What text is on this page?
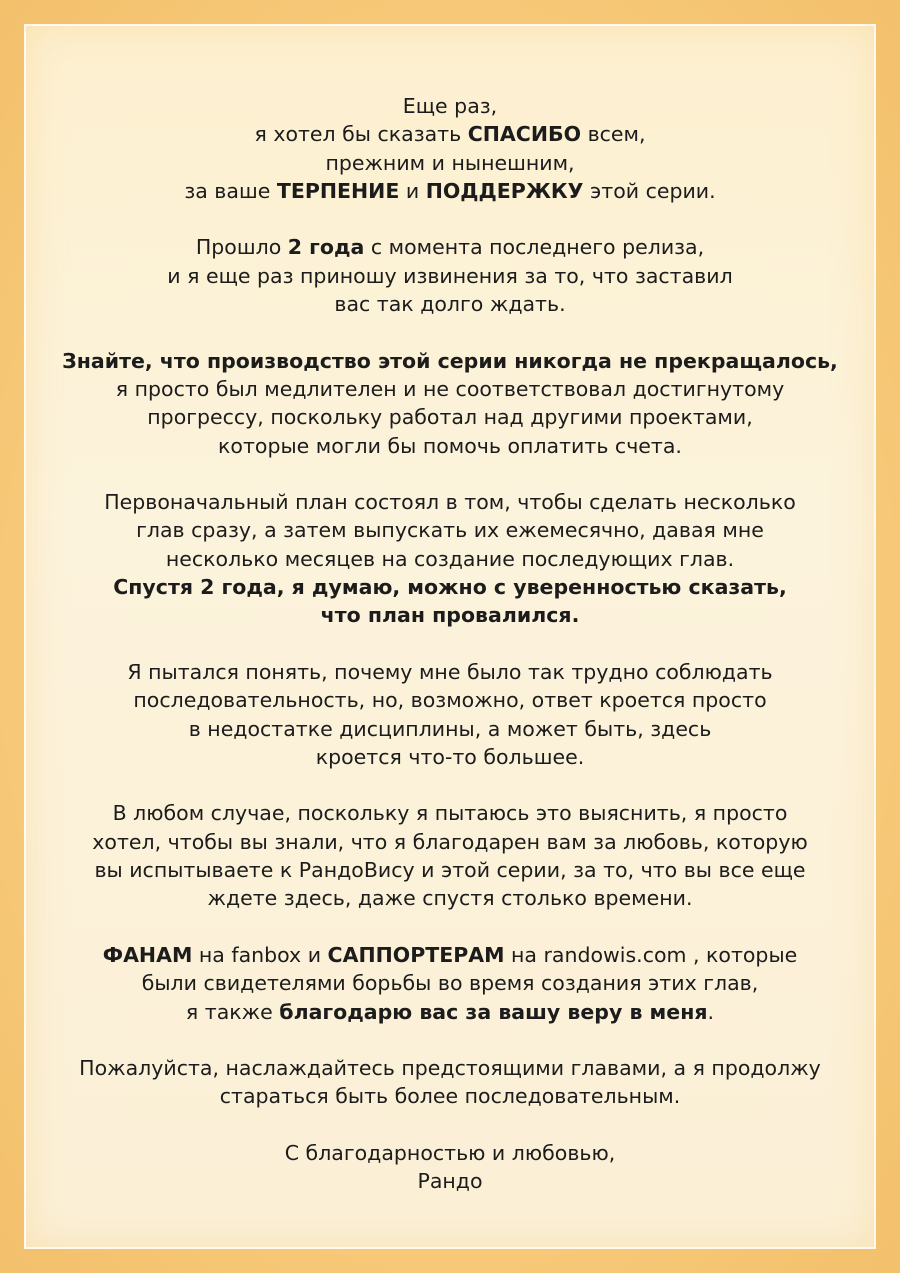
Еще раз,
я хотел бы сказать СПАСИБО всем,
прежним и нынешним,
за ваше ТЕРПЕНИЕ и ПОДДЕРЖКУ этой серии.
Прошло 2 года с момента последнего релиза,
и я еще раз приношу извинения за то, что заставил
вас так долго ждать.
Знайте, что производство этой серии никогда не прекращалось,
я просто был медлителен и не соответствовал достигнутому
прогрессу, поскольку работал над другими проектами,
которые могли бы помочь оплатить счета.
Первоначальный план состоял в том, чтобы сделать несколько
глав сразу, а затем выпускать их ежемесячно, давая мне
несколько месяцев на создание последующих глав.
Спустя 2 года, я думаю, можно с уверенностью сказать,
что план провалился.
Я пытался понять, почему мне было так трудно соблюдать
последовательность, но, возможно, ответ кроется просто
в недостатке дисциплины, а может быть, здесь
кроется что-то большее.
В любом случае, поскольку я пытаюсь это выяснить, я просто
хотел, чтобы вы знали, что я благодарен вам за любовь, которую
вы испытываете к РандоВису и этой серии, за то, что вы все еще
ждете здесь, даже спустя столько времени.
ФАНАМ на fanbox и САППОРТЕРАМ на randowis.com , которые
были свидетелями борьбы во время создания этих глав,
я также благодарю вас за вашу веру в меня.
Пожалуйста, наслаждайтесь предстоящими главами, а я продолжу
стараться быть более последовательным.
С благодарностью и любовью,
Рандо
